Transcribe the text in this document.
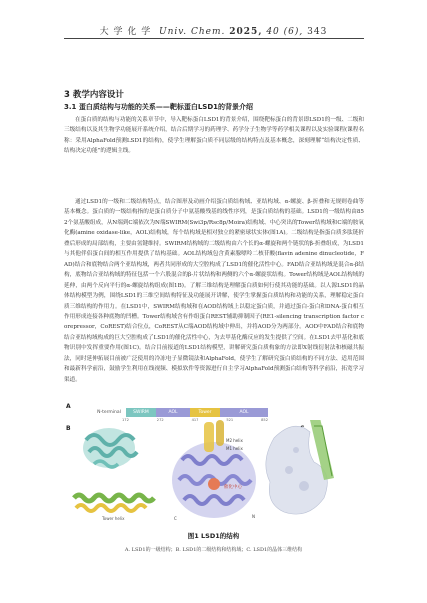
大 学 化 学 Univ. Chem. 2025, 40 (6), 343
3 教学内容设计
3.1 蛋白质结构与功能的关系——靶标蛋白LSD1的背景介绍
在蛋白质的结构与功能的关系章节中，导入靶标蛋白LSD1的背景介绍，围绕靶标蛋白的背景即LSD1的一级、二级和三级结构以及其生物学功能展开系统介绍，结合后期学习的药理学、药学分子生物学等药学相关课程以及实验课程(课程名称：采用AlphaFold预测LSD1的结构)，使学生理解蛋白质不同层级的结构特点及基本概念，深刻理解“结构决定性质、结构决定功能”的逻辑主线。
通过LSD1的一级和二级结构特点，结合图形及动画介绍蛋白质结构域、亚结构域、α-螺旋、β-折叠和无规则卷曲等基本概念。蛋白质的一级结构指的是蛋白质分子中氨基酸残基的线性序列，是蛋白质结构的基础。LSD1的一级结构由852个氨基酸组成，从N端到C端依次为N端SWIRM(Swi3p/Rsc8p/Moira)结构域、中心突出的Tower结构域和C端的胺氧化酶(amine oxidase-like，AOL)结构域，每个结构域是相对独立的紧密球状实体(图1A)。二级结构是指蛋白质多肽链折叠后形成的局部结构，主要由氢键维持。SWIRM结构域的二级结构由六个长的α-螺旋和两个链状的β-折叠组成，为LSD1与其他伴侣蛋白间的相互作用提供了结构基础。AOL结构域包含黄素腺嘌呤二核苷酸(flavin adenine dinucleotide，FAD)结合和底物结合两个亚结构域，两者共同形成的大空腔构成了LSD1的催化活性中心。FAD结合亚结构域是混合α-β结构，底物结合亚结构域的特征包括一个六股混合的β-片状结构和两侧的六个α-螺旋状结构。Tower结构域是AOL结构域的延伸，由两个反向平行的α-螺旋结构组成(图1B)。了解三维结构是理解蛋白质如何行使其功能的基础。以人源LSD1的晶体结构模型为例，围绕LSD1的三维空间结构特征及功能展开讲解，使学生掌握蛋白质结构和功能的关系，理解稳定蛋白质三维结构的作用力。在LSD1中，SWIRM结构域和在AOD结构域上以稳定蛋白质，并通过蛋白-蛋白和DNA-蛋白相互作用形成连接各种底物的凹槽。Tower结构域含有作组蛋白REST辅助抑制因子(RE1-silencing transcription factor corepressor，CoREST)结合位点，CoREST从C端AOD结构域中伸出，并将AOD分为两部分。AOD中FAD结合和底物结合亚结构域构成的巨大空腔构成了LSD1的催化活性中心，为去甲基化酶反应的发生提供了空间。在LSD1去甲基化和底物识别中发挥重要作用(图1C)。结合目前报道的LSD1结构模型，讲解研究蛋白质构象的方法即X射线衍射法和核磁共振法，同时延伸拓展目前被广泛使用的冷冻电子显微镜法和AlphaFold，使学生了解研究蛋白质结构的不同方法、适用范围和最新科学前沿，鼓励学生利用在线视频、模拟软件等资源进行自主学习AlphaFold预测蛋白结构等科学前沿，拓宽学习渠道。
N-terminal	SWIRM	AOL	Tower	AOL
172	272	417	521	852
A
B
Tower helix
M2 helix
M1 helix
催化中心
C	N
图1 LSD1的结构
A. LSD1的一级结构；B. LSD1的二级结构和结构域；C. LSD1的晶体三维结构
